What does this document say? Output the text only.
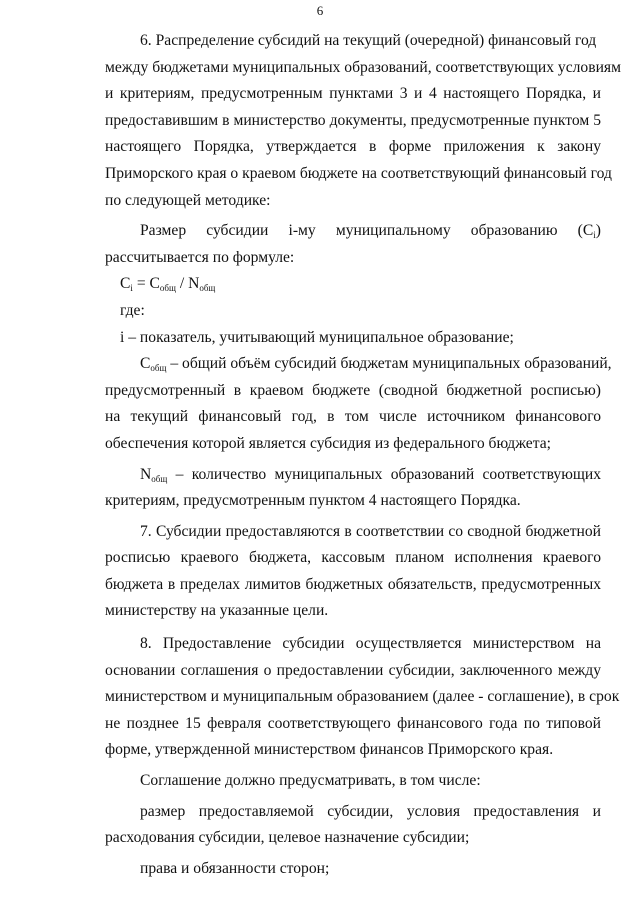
6

6. Распределение субсидий на текущий (очередной) финансовый год
между бюджетами муниципальных образований, соответствующих условиям
и критериям, предусмотренным пунктами 3 и 4 настоящего Порядка, и
предоставившим в министерство документы, предусмотренные пунктом 5
настоящего Порядка, утверждается в форме приложения к закону
Приморского края о краевом бюджете на соответствующий финансовый год
по следующей методике:

Размер субсидии i-му муниципальному образованию $(C_i)$
рассчитывается по формуле:

$C_i = C_{общ} / N_{общ}$

где:

i – показатель, учитывающий муниципальное образование;

$C_{общ}$ – общий объём субсидий бюджетам муниципальных образований,
предусмотренный в краевом бюджете (сводной бюджетной росписью)
на текущий финансовый год, в том числе источником финансового
обеспечения которой является субсидия из федерального бюджета;

$N_{общ}$ – количество муниципальных образований соответствующих
критериям, предусмотренным пунктом 4 настоящего Порядка.

7. Субсидии предоставляются в соответствии со сводной бюджетной
росписью краевого бюджета, кассовым планом исполнения краевого
бюджета в пределах лимитов бюджетных обязательств, предусмотренных
министерству на указанные цели.

8. Предоставление субсидии осуществляется министерством на
основании соглашения о предоставлении субсидии, заключенного между
министерством и муниципальным образованием (далее - соглашение), в срок
не позднее 15 февраля соответствующего финансового года по типовой
форме, утвержденной министерством финансов Приморского края.

Соглашение должно предусматривать, в том числе:

размер предоставляемой субсидии, условия предоставления и
расходования субсидии, целевое назначение субсидии;

права и обязанности сторон;
